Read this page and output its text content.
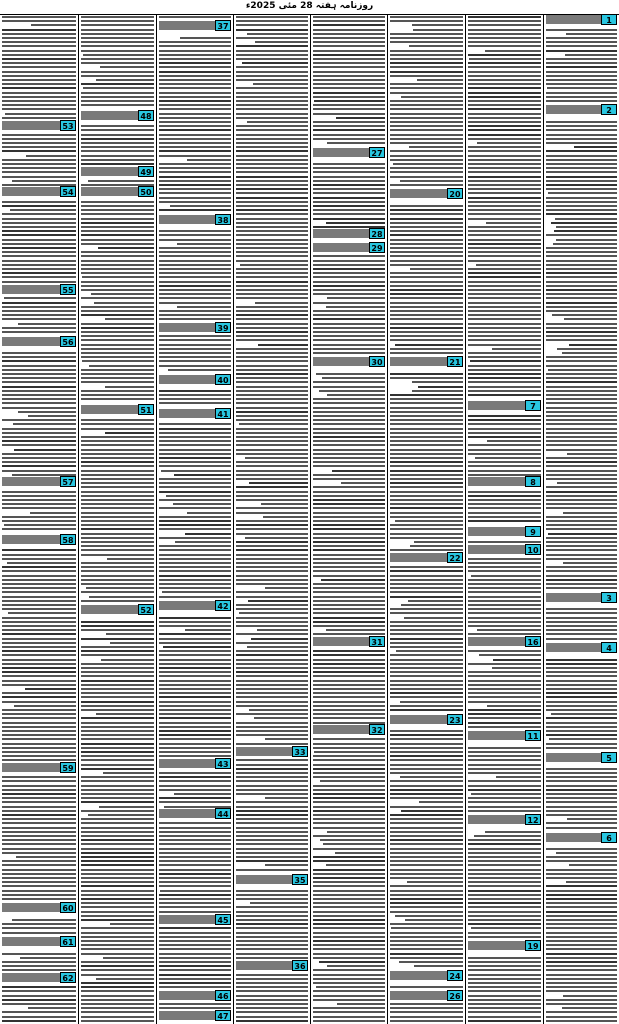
روزنامہ ہفتہ 28 مئی 2025ء
1
2
3
4
5
6
7
8
9
10
11
12
16
19
20
21
22
23
24
26
27
28
29
30
31
32
33
35
36
37
38
39
40
41
42
43
44
45
46
47
48
49
50
51
52
53
54
55
56
57
58
59
60
61
62
